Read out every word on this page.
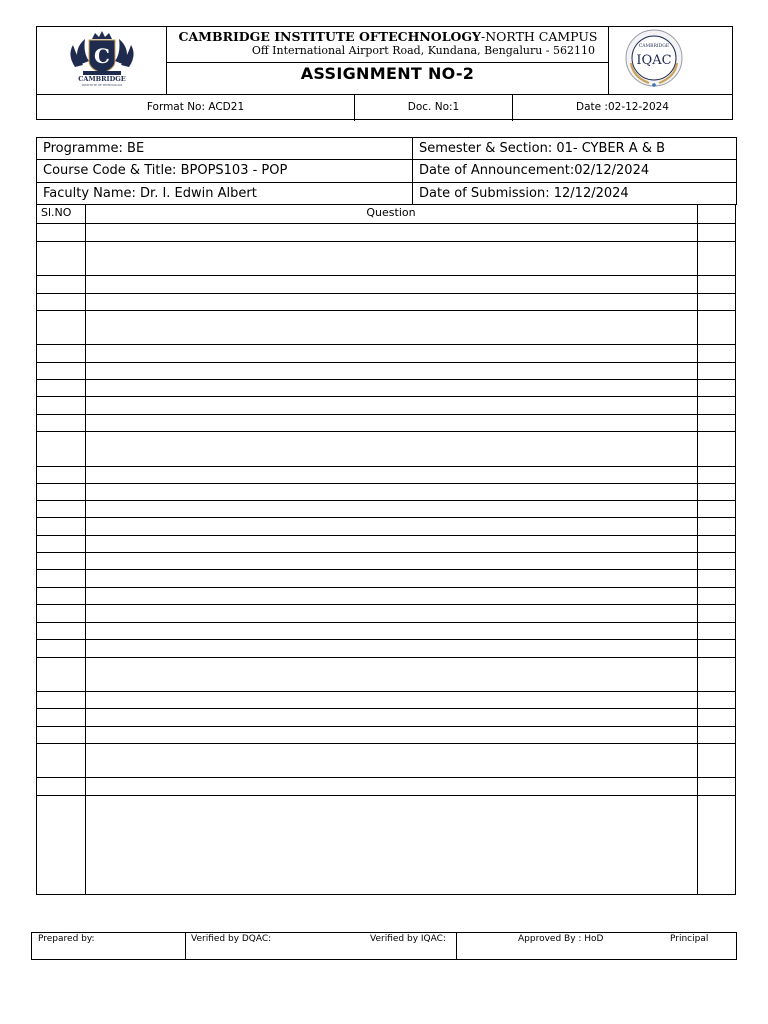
C
CAMBRIDGE
INSTITUTE OF TECHNOLOGY
CAMBRIDGE INSTITUTE OFTECHNOLOGY-NORTH CAMPUS
Off International Airport Road, Kundana, Bengaluru - 562110
ASSIGNMENT NO-2
CAMBRIDGE
IQAC
Format No: ACD21	Doc. No:1	Date :02-12-2024
Programme: BE	Semester & Section: 01- CYBER A & B
Course Code & Title: BPOPS103 - POP	Date of Announcement:02/12/2024
Faculty Name: Dr. I. Edwin Albert	Date of Submission: 12/12/2024
Sl.NO	Question
Prepared by:	Verified by DQAC:	Verified by IQAC:	Approved By : HoD	Principal
